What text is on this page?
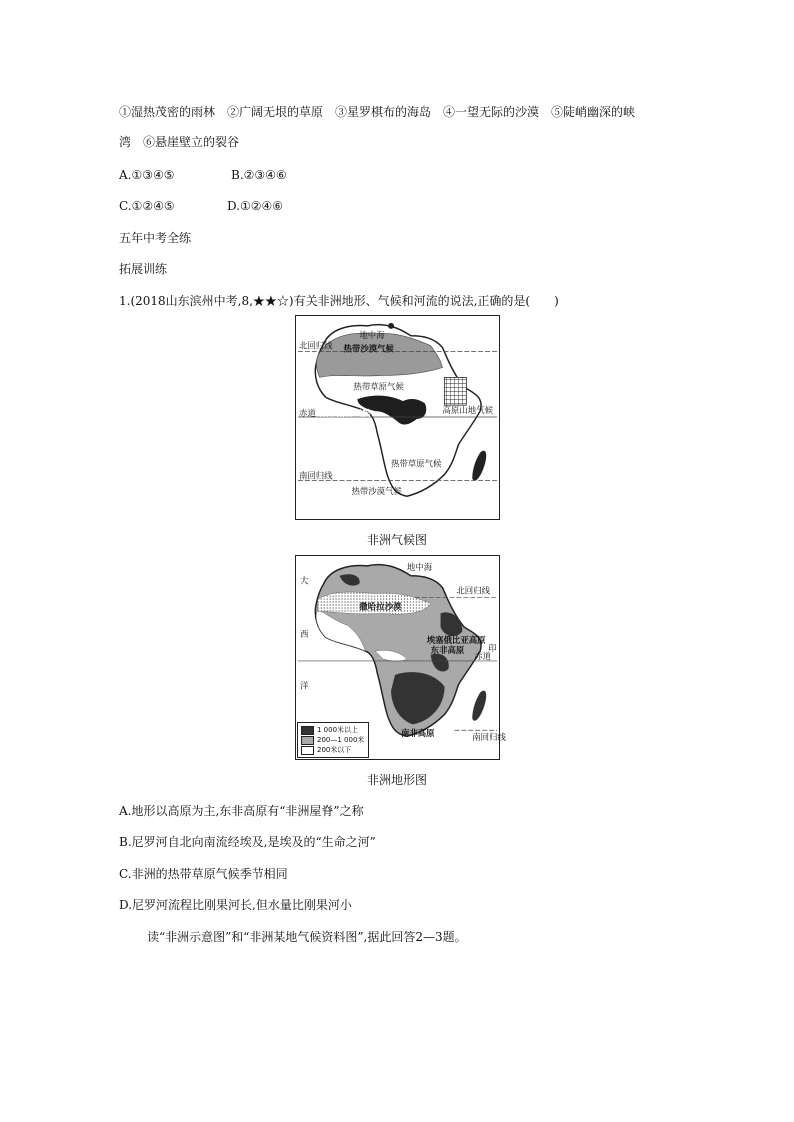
①湿热茂密的雨林　②广阔无垠的草原　③星罗棋布的海岛　④一望无际的沙漠　⑤陡峭幽深的峡
湾　⑥悬崖壁立的裂谷
A.①③④⑤	B.②③④⑥
C.①②④⑤	D.①②④⑥
五年中考全练
拓展训练
1.(2018山东滨州中考,8,★★☆)有关非洲地形、气候和河流的说法,正确的是(　　)
地中海
北回归线 热带沙漠气候
热带草原气候
赤道 热带雨林气候	高原山地气候
热带草原气候
南回归线
热带沙漠气候
非洲气候图
大
西
洋
地中海
北回归线
撒哈拉沙漠
埃塞俄比亚高原
东非高原	印
赤道
南非高原	南回归线
1 000米以上
200—1 000米
200米以下
非洲地形图
A.地形以高原为主,东非高原有“非洲屋脊”之称
B.尼罗河自北向南流经埃及,是埃及的“生命之河”
C.非洲的热带草原气候季节相同
D.尼罗河流程比刚果河长,但水量比刚果河小
读“非洲示意图”和“非洲某地气候资料图”,据此回答2—3题。
